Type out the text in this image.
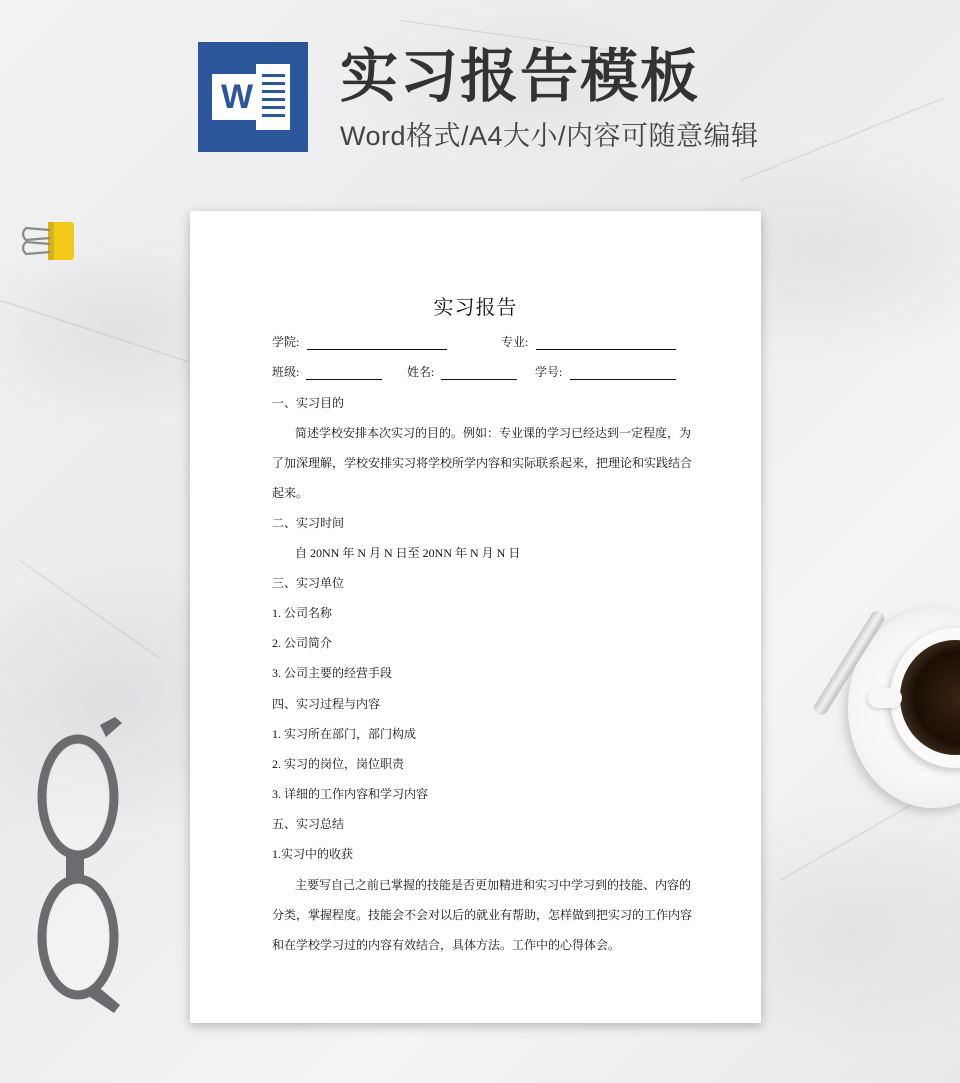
W 实习报告模板
Word格式/A4大小/内容可随意编辑
实习报告
学院:	专业:
班级:	姓名:	学号:
一、实习目的
简述学校安排本次实习的目的。例如：专业课的学习已经达到一定程度，为
了加深理解，学校安排实习将学校所学内容和实际联系起来，把理论和实践结合
起来。
二、实习时间
自 20NN 年 N 月 N 日至 20NN 年 N 月 N 日
三、实习单位
1. 公司名称
2. 公司简介
3. 公司主要的经营手段
四、实习过程与内容
1. 实习所在部门，部门构成
2. 实习的岗位，岗位职责
3. 详细的工作内容和学习内容
五、实习总结
1.实习中的收获
主要写自己之前已掌握的技能是否更加精进和实习中学习到的技能、内容的
分类，掌握程度。技能会不会对以后的就业有帮助，怎样做到把实习的工作内容
和在学校学习过的内容有效结合，具体方法。工作中的心得体会。
